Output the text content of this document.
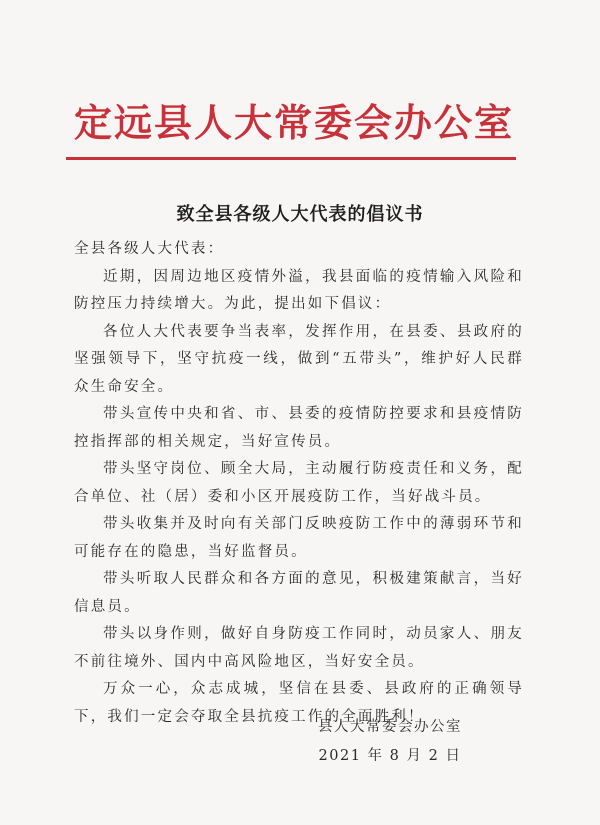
定远县人大常委会办公室
致全县各级人大代表的倡议书

全县各级人大代表：

近期，因周边地区疫情外溢，我县面临的疫情输入风险和防控压力持续增大。为此，提出如下倡议：

各位人大代表要争当表率，发挥作用，在县委、县政府的坚强领导下，坚守抗疫一线，做到“五带头”，维护好人民群众生命安全。

带头宣传中央和省、市、县委的疫情防控要求和县疫情防控指挥部的相关规定，当好宣传员。

带头坚守岗位、顾全大局，主动履行防疫责任和义务，配合单位、社（居）委和小区开展疫防工作，当好战斗员。

带头收集并及时向有关部门反映疫防工作中的薄弱环节和可能存在的隐患，当好监督员。

带头听取人民群众和各方面的意见，积极建策献言，当好信息员。

带头以身作则，做好自身防疫工作同时，动员家人、朋友不前往境外、国内中高风险地区，当好安全员。

万众一心，众志成城，坚信在县委、县政府的正确领导下，我们一定会夺取全县抗疫工作的全面胜利！

县人大常委会办公室
2021 年 8 月 2 日
